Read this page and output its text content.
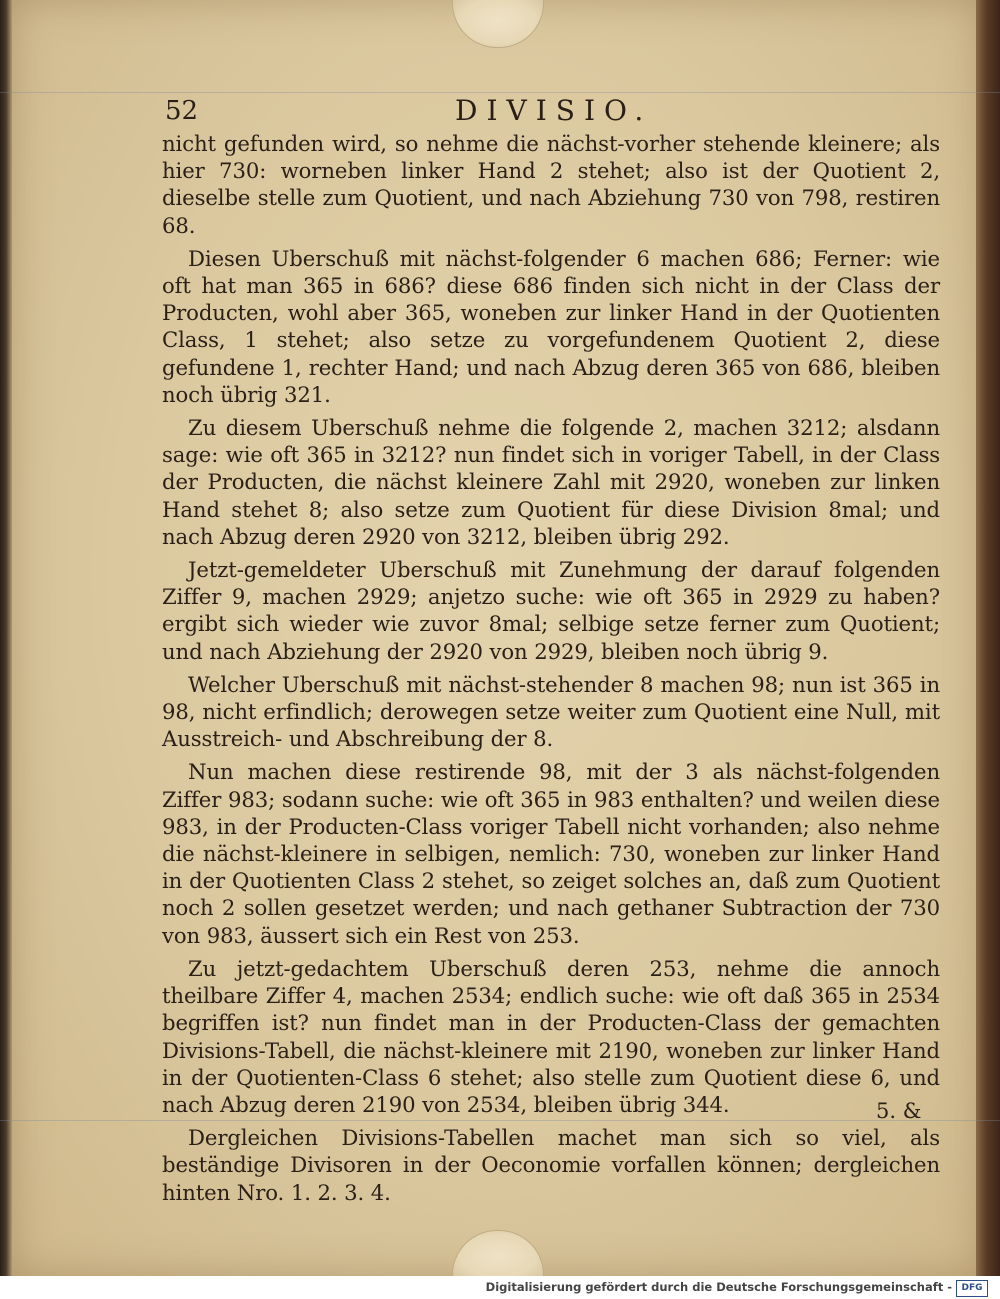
52	DIVISIO.

nicht gefunden wird, so nehme die nächst-vorher stehende kleinere; als hier 730: worneben linker Hand 2 stehet; also ist der Quotient 2, dieselbe stelle zum Quotient, und nach Abziehung 730 von 798, restiren 68.

Diesen Uberschuß mit nächst-folgender 6 machen 686; Ferner: wie oft hat man 365 in 686? diese 686 finden sich nicht in der Class der Producten, wohl aber 365, woneben zur linker Hand in der Quotienten Class, 1 stehet; also setze zu vorgefundenem Quotient 2, diese gefundene 1, rechter Hand; und nach Abzug deren 365 von 686, bleiben noch übrig 321.

Zu diesem Uberschuß nehme die folgende 2, machen 3212; alsdann sage: wie oft 365 in 3212? nun findet sich in voriger Tabell, in der Class der Producten, die nächst kleinere Zahl mit 2920, woneben zur linken Hand stehet 8; also setze zum Quotient für diese Division 8mal; und nach Abzug deren 2920 von 3212, bleiben übrig 292.

Jetzt-gemeldeter Uberschuß mit Zunehmung der darauf folgenden Ziffer 9, machen 2929; anjetzo suche: wie oft 365 in 2929 zu haben? ergibt sich wieder wie zuvor 8mal; selbige setze ferner zum Quotient; und nach Abziehung der 2920 von 2929, bleiben noch übrig 9.

Welcher Uberschuß mit nächst-stehender 8 machen 98; nun ist 365 in 98, nicht erfindlich; derowegen setze weiter zum Quotient eine Null, mit Ausstreich- und Abschreibung der 8.

Nun machen diese restirende 98, mit der 3 als nächst-folgenden Ziffer 983; sodann suche: wie oft 365 in 983 enthalten? und weilen diese 983, in der Producten-Class voriger Tabell nicht vorhanden; also nehme die nächst-kleinere in selbigen, nemlich: 730, woneben zur linker Hand in der Quotienten Class 2 stehet, so zeiget solches an, daß zum Quotient noch 2 sollen gesetzet werden; und nach gethaner Subtraction der 730 von 983, äussert sich ein Rest von 253.

Zu jetzt-gedachtem Uberschuß deren 253, nehme die annoch theilbare Ziffer 4, machen 2534; endlich suche: wie oft daß 365 in 2534 begriffen ist? nun findet man in der Producten-Class der gemachten Divisions-Tabell, die nächst-kleinere mit 2190, woneben zur linker Hand in der Quotienten-Class 6 stehet; also stelle zum Quotient diese 6, und nach Abzug deren 2190 von 2534, bleiben übrig 344.

Dergleichen Divisions-Tabellen machet man sich so viel, als beständige Divisoren in der Oeconomie vorfallen können; dergleichen hinten Nro. 1. 2. 3. 4.

5. &
Digitalisierung gefördert durch die Deutsche Forschungsgemeinschaft -	DFG
